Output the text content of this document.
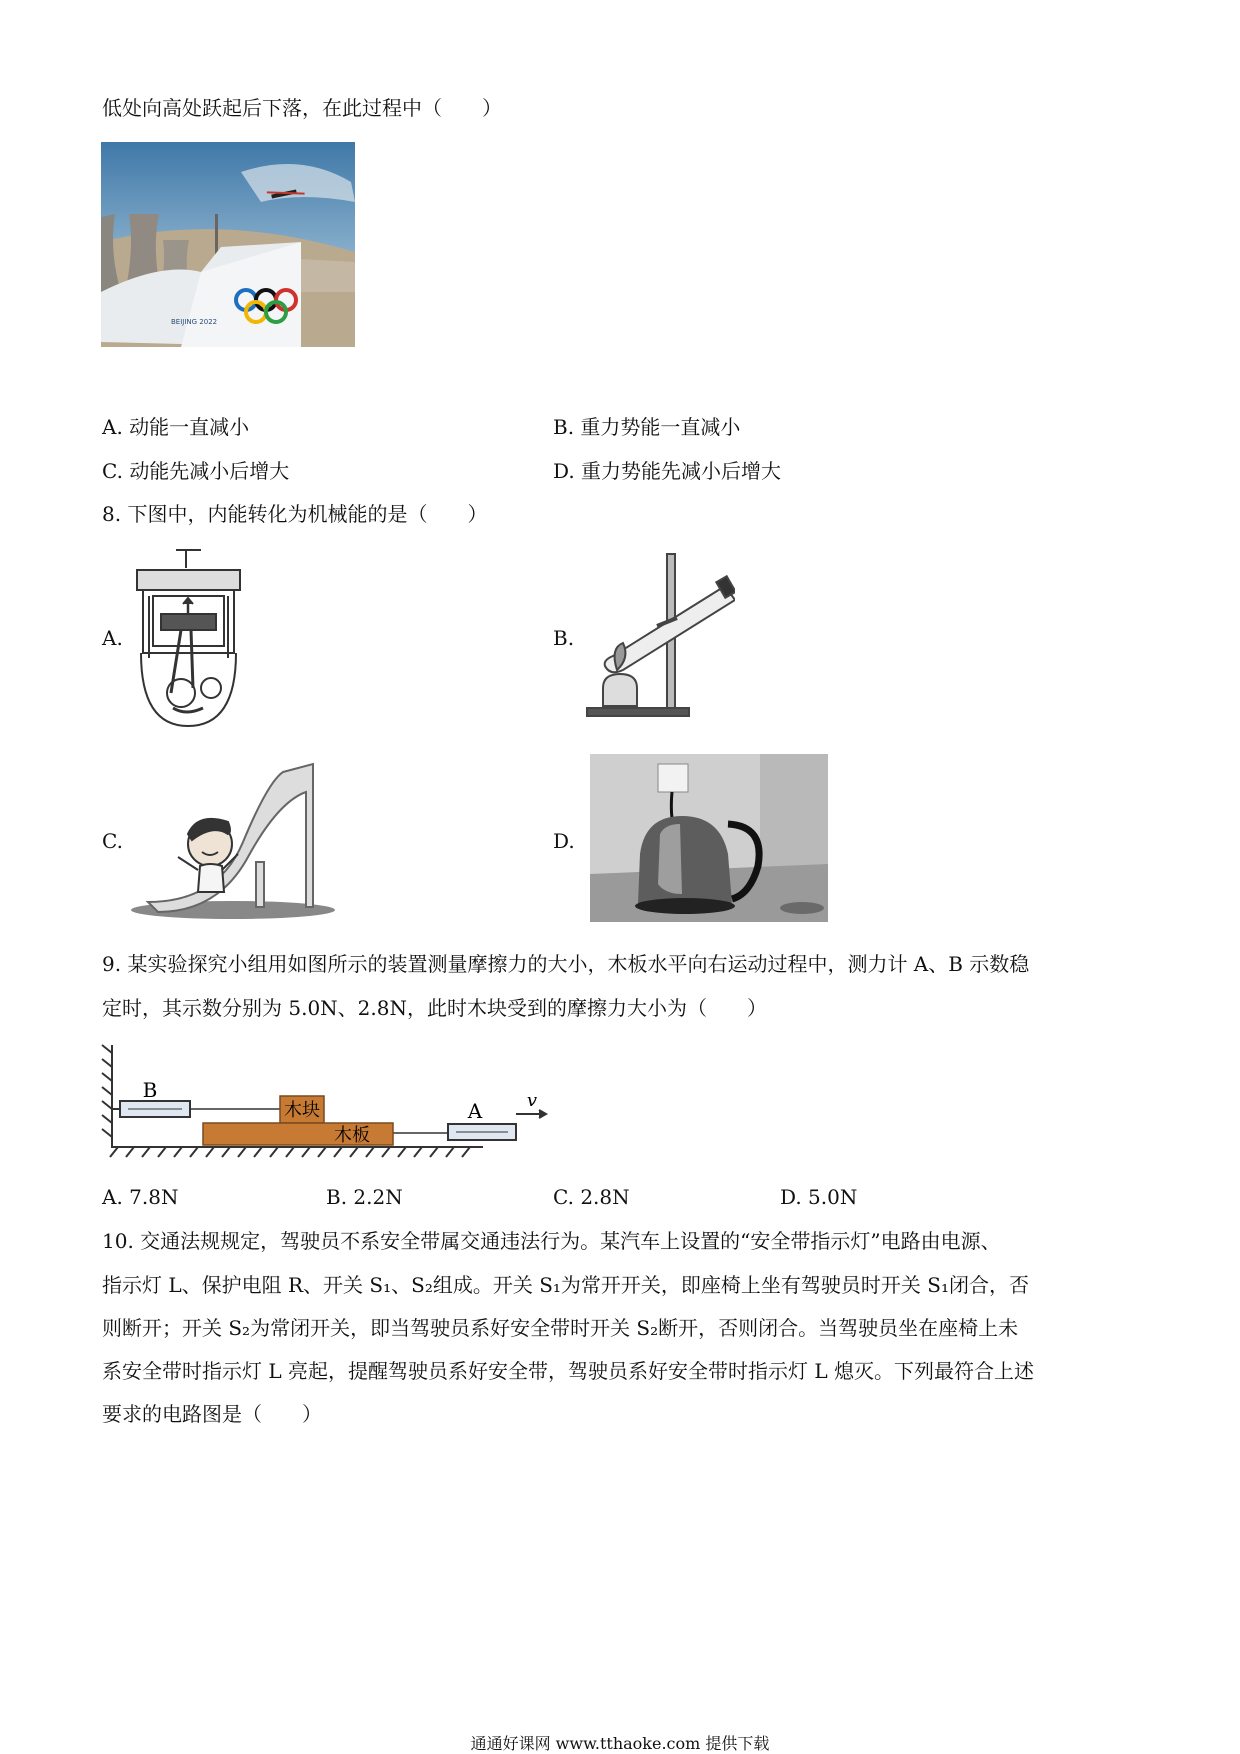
低处向高处跃起后下落，在此过程中（　　）
BEIJING 2022
A. 动能一直减小	B. 重力势能一直减小
C. 动能先减小后增大	D. 重力势能先减小后增大
8. 下图中，内能转化为机械能的是（　　）
A.	B.
C.	D.
9. 某实验探究小组用如图所示的装置测量摩擦力的大小，木板水平向右运动过程中，测力计 A、B 示数稳
定时，其示数分别为 5.0N、2.8N，此时木块受到的摩擦力大小为（　　）
B
A v
木块
木板
A. 7.8N	B. 2.2N	C. 2.8N	D. 5.0N
10. 交通法规规定，驾驶员不系安全带属交通违法行为。某汽车上设置的“安全带指示灯”电路由电源、
指示灯 L、保护电阻 R、开关 S₁、S₂组成。开关 S₁为常开开关，即座椅上坐有驾驶员时开关 S₁闭合，否
则断开；开关 S₂为常闭开关，即当驾驶员系好安全带时开关 S₂断开，否则闭合。当驾驶员坐在座椅上未
系安全带时指示灯 L 亮起，提醒驾驶员系好安全带，驾驶员系好安全带时指示灯 L 熄灭。下列最符合上述
要求的电路图是（　　）
通通好课网 www.tthaoke.com 提供下载
